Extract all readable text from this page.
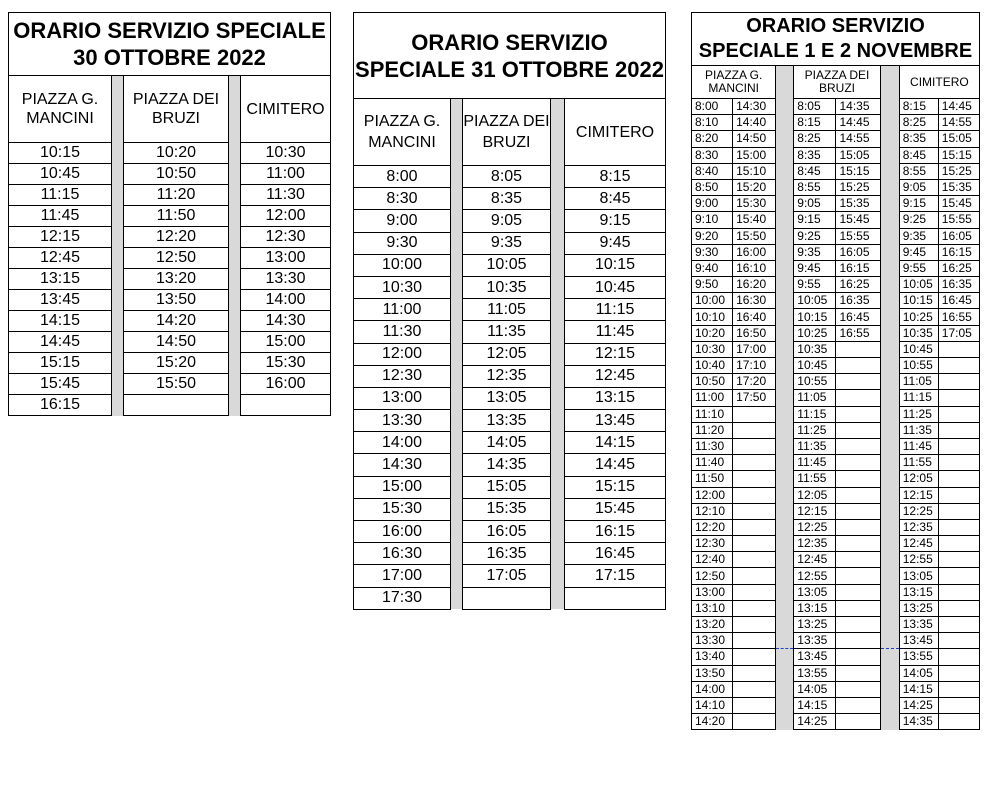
ORARIO SERVIZIO SPECIALE
30 OTTOBRE 2022				

PIAZZA G. MANCINI		PIAZZA DEI BRUZI		CIMITERO
10:15		10:20		10:30
10:45		10:50		11:00
11:15		11:20		11:30
11:45		11:50		12:00
12:15		12:20		12:30
12:45		12:50		13:00
13:15		13:20		13:30
13:45		13:50		14:00
14:15		14:20		14:30
14:45		14:50		15:00
15:15		15:20		15:30
15:45		15:50		16:00
16:15				
ORARIO SERVIZIO SPECIALE 31 OTTOBRE 2022				
PIAZZA G. MANCINI		PIAZZA DEI BRUZI		CIMITERO
8:00		8:05		8:15
8:30		8:35		8:45
9:00		9:05		9:15
9:30		9:35		9:45
10:00		10:05		10:15
10:30		10:35		10:45
11:00		11:05		11:15
11:30		11:35		11:45
12:00		12:05		12:15
12:30		12:35		12:45
13:00		13:05		13:15
13:30		13:35		13:45
14:00		14:05		14:15
14:30		14:35		14:45
15:00		15:05		15:15
15:30		15:35		15:45
16:00		16:05		16:15
16:30		16:35		16:45
17:00		17:05		17:15
17:30				
ORARIO SERVIZIO
SPECIALE 1 E 2 NOVEMBRE							

PIAZZA G. MANCINI			PIAZZA DEI BRUZI			CIMITERO	
8:00	14:30		8:05	14:35		8:15	14:45
8:10	14:40		8:15	14:45		8:25	14:55
8:20	14:50		8:25	14:55		8:35	15:05
8:30	15:00		8:35	15:05		8:45	15:15
8:40	15:10		8:45	15:15		8:55	15:25
8:50	15:20		8:55	15:25		9:05	15:35
9:00	15:30		9:05	15:35		9:15	15:45
9:10	15:40		9:15	15:45		9:25	15:55
9:20	15:50		9:25	15:55		9:35	16:05
9:30	16:00		9:35	16:05		9:45	16:15
9:40	16:10		9:45	16:15		9:55	16:25
9:50	16:20		9:55	16:25		10:05	16:35
10:00	16:30		10:05	16:35		10:15	16:45
10:10	16:40		10:15	16:45		10:25	16:55
10:20	16:50		10:25	16:55		10:35	17:05
10:30	17:00		10:35			10:45	
10:40	17:10		10:45			10:55	
10:50	17:20		10:55			11:05	
11:00	17:50		11:05			11:15	
11:10			11:15			11:25	
11:20			11:25			11:35	
11:30			11:35			11:45	
11:40			11:45			11:55	
11:50			11:55			12:05	
12:00			12:05			12:15	
12:10			12:15			12:25	
12:20			12:25			12:35	
12:30			12:35			12:45	
12:40			12:45			12:55	
12:50			12:55			13:05	
13:00			13:05			13:15	
13:10			13:15			13:25	
13:20			13:25			13:35	
13:30			13:35			13:45	
13:40			13:45			13:55	
13:50			13:55			14:05	
14:00			14:05			14:15	
14:10			14:15			14:25	
14:20			14:25			14:35	
